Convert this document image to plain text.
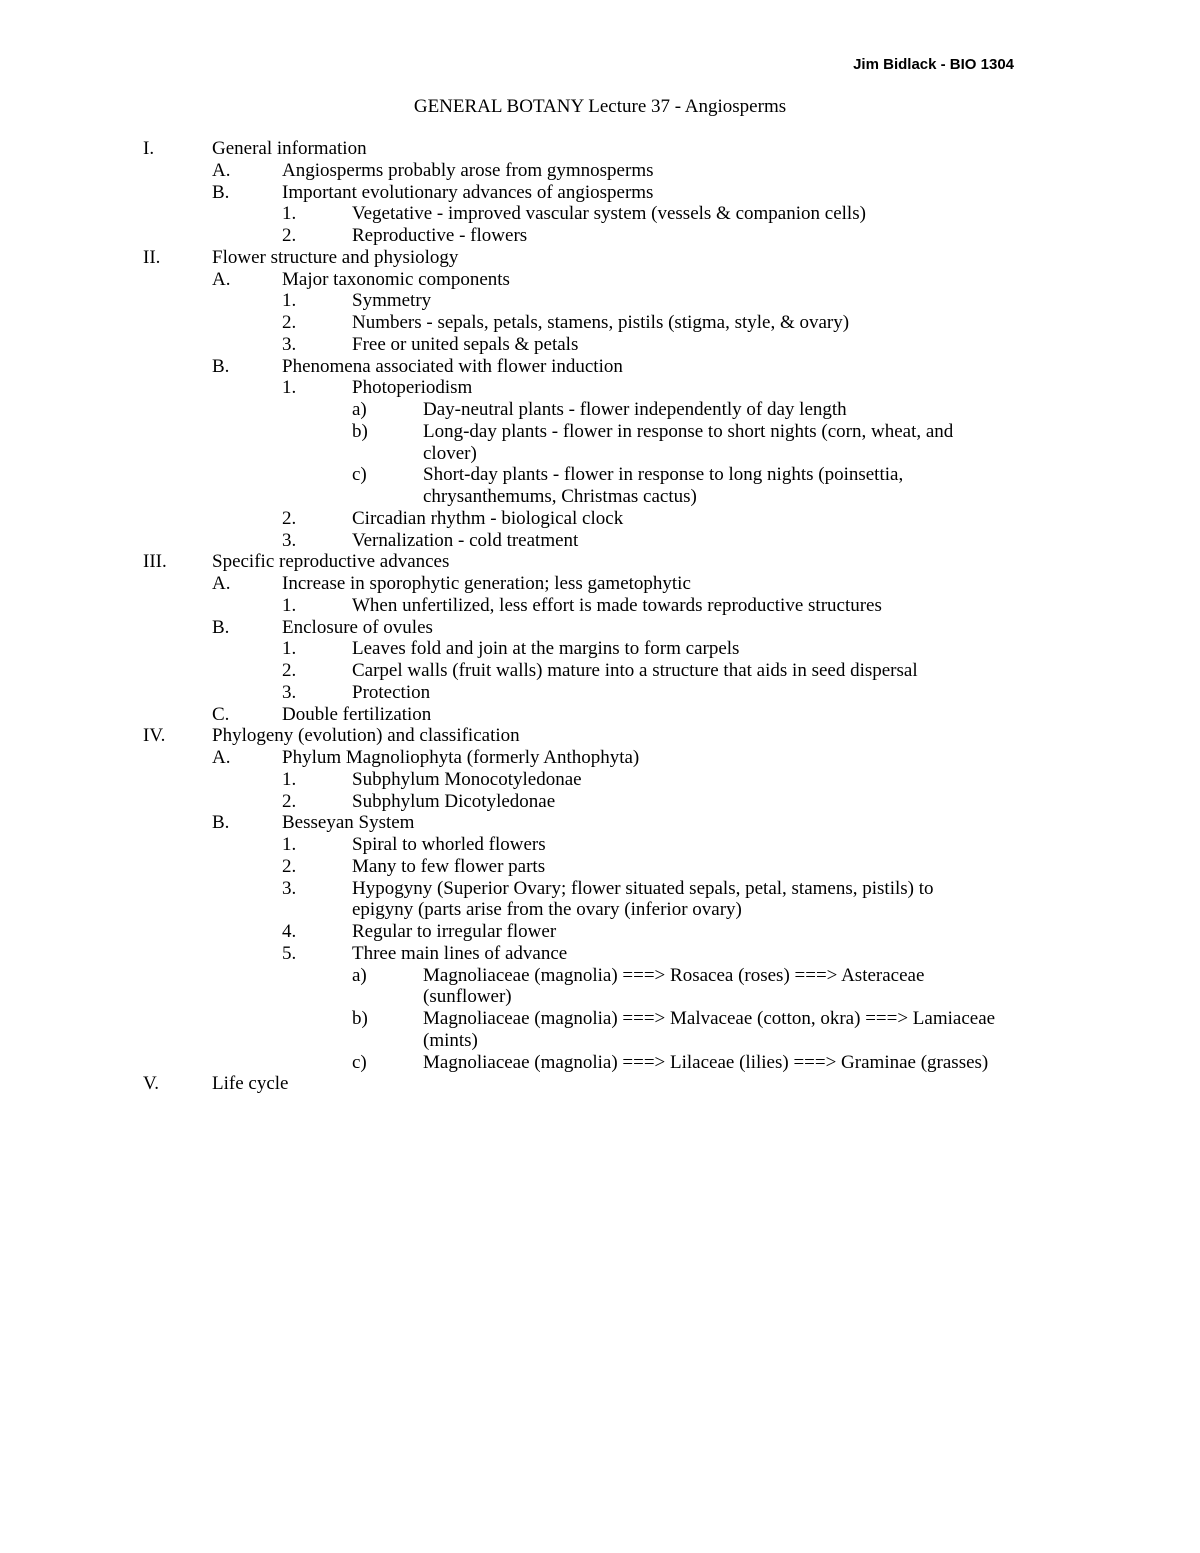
Jim Bidlack - BIO 1304
GENERAL BOTANY Lecture 37 - Angiosperms
I.	General information
A.	Angiosperms probably arose from gymnosperms
B.	Important evolutionary advances of angiosperms
1.	Vegetative - improved vascular system (vessels & companion cells)
2.	Reproductive - flowers
II.	Flower structure and physiology
A.	Major taxonomic components
1.	Symmetry
2.	Numbers - sepals, petals, stamens, pistils (stigma, style, & ovary)
3.	Free or united sepals & petals
B.	Phenomena associated with flower induction
1.	Photoperiodism
a)	Day-neutral plants - flower independently of day length
b)	Long-day plants - flower in response to short nights (corn, wheat, and
clover)
c)	Short-day plants - flower in response to long nights (poinsettia,
chrysanthemums, Christmas cactus)
2.	Circadian rhythm - biological clock
3.	Vernalization - cold treatment
III. Specific reproductive advances
A.	Increase in sporophytic generation; less gametophytic
1.	When unfertilized, less effort is made towards reproductive structures
B.	Enclosure of ovules
1.	Leaves fold and join at the margins to form carpels
2.	Carpel walls (fruit walls) mature into a structure that aids in seed dispersal
3.	Protection
C.	Double fertilization
IV. Phylogeny (evolution) and classification
A.	Phylum Magnoliophyta (formerly Anthophyta)
1.	Subphylum Monocotyledonae
2.	Subphylum Dicotyledonae
B.	Besseyan System
1.	Spiral to whorled flowers
2.	Many to few flower parts
3.	Hypogyny (Superior Ovary; flower situated sepals, petal, stamens, pistils) to
epigyny (parts arise from the ovary (inferior ovary)
4.	Regular to irregular flower
5.	Three main lines of advance
a)	Magnoliaceae (magnolia) ===> Rosacea (roses) ===> Asteraceae
(sunflower)
b)	Magnoliaceae (magnolia) ===> Malvaceae (cotton, okra) ===> Lamiaceae
(mints)
c)	Magnoliaceae (magnolia) ===> Lilaceae (lilies) ===> Graminae (grasses)
V.	Life cycle
